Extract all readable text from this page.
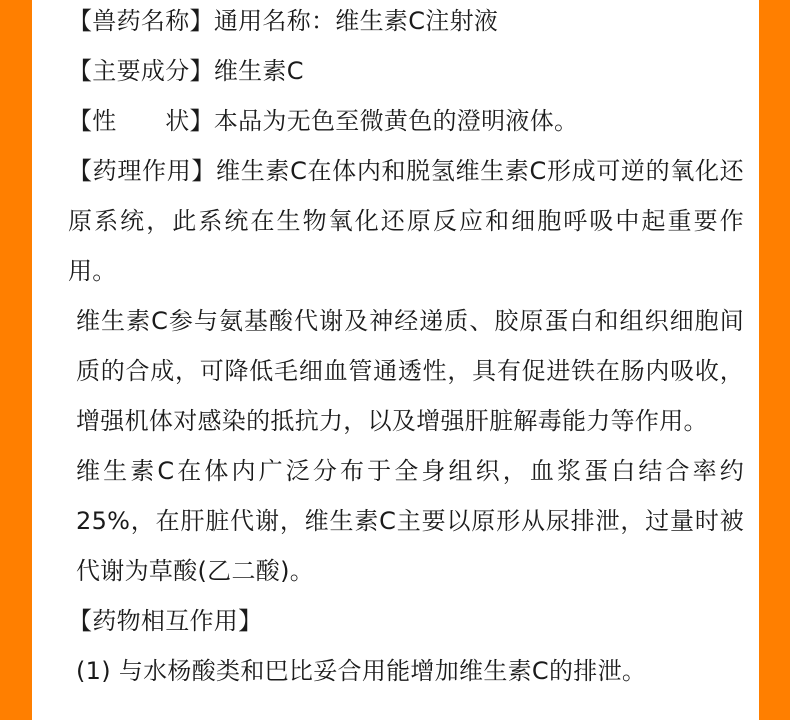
【兽药名称】通用名称：维生素C注射液
【主要成分】维生素C
【性　　状】本品为无色至微黄色的澄明液体。
【药理作用】维生素C在体内和脱氢维生素C形成可逆的氧化还原系统，此系统在生物氧化还原反应和细胞呼吸中起重要作用。
维生素C参与氨基酸代谢及神经递质、胶原蛋白和组织细胞间质的合成，可降低毛细血管通透性，具有促进铁在肠内吸收，增强机体对感染的抵抗力，以及增强肝脏解毒能力等作用。
维生素C在体内广泛分布于全身组织，血浆蛋白结合率约25%，在肝脏代谢，维生素C主要以原形从尿排泄，过量时被代谢为草酸(乙二酸)。
【药物相互作用】
(1) 与水杨酸类和巴比妥合用能增加维生素C的排泄。
